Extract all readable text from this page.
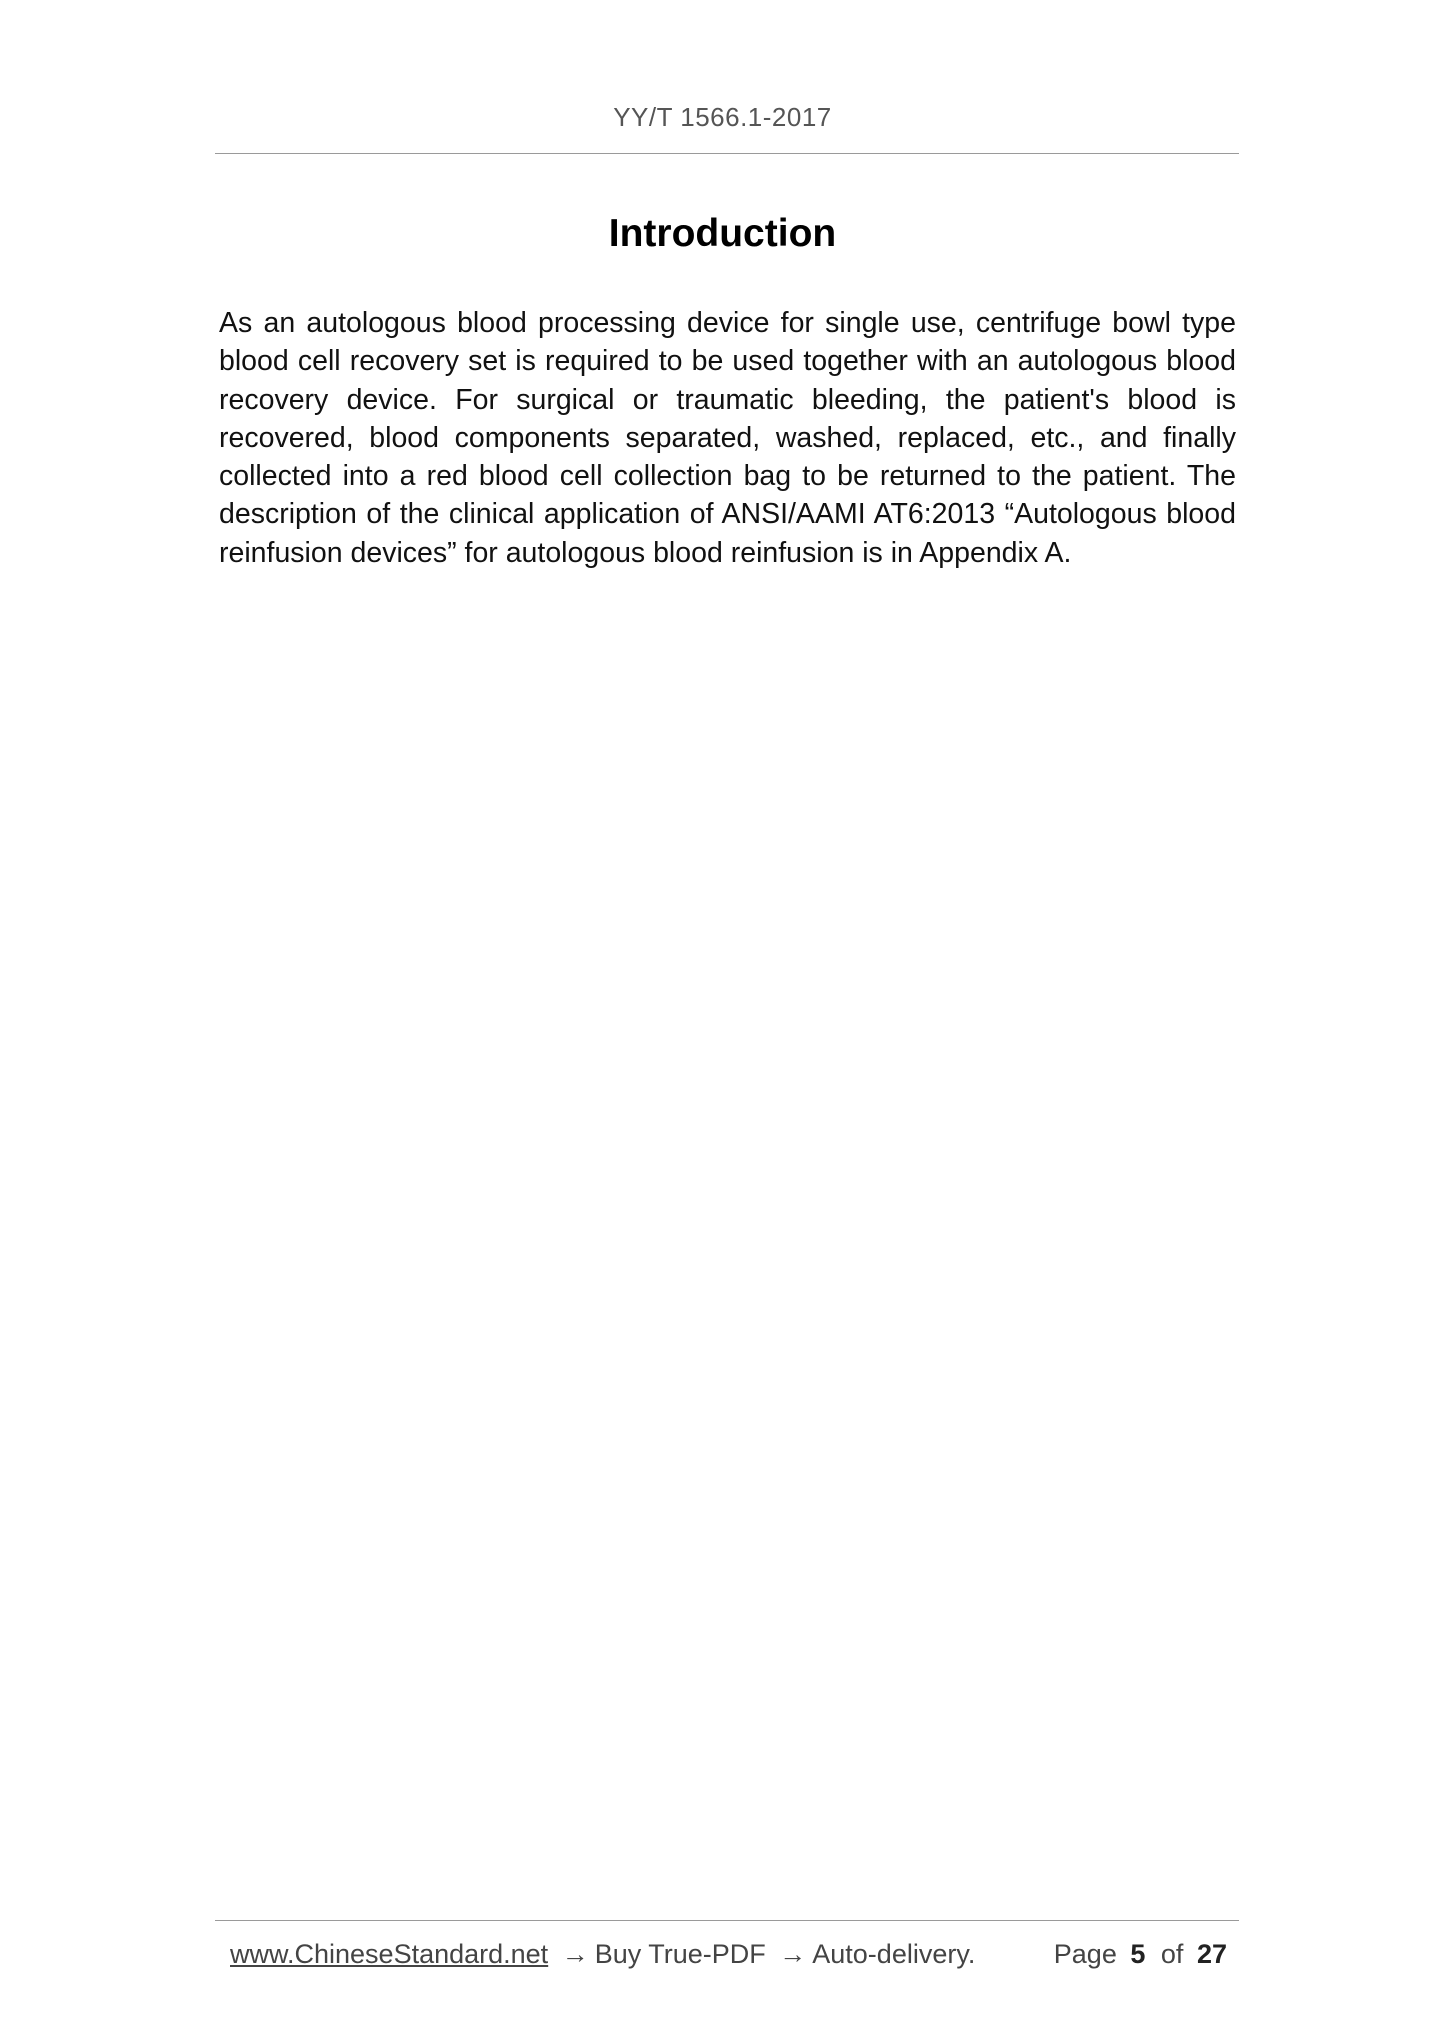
YY/T 1566.1-2017
Introduction

As an autologous blood processing device for single use, centrifuge bowl type blood cell recovery set is required to be used together with an autologous blood recovery device. For surgical or traumatic bleeding, the patient's blood is recovered, blood components separated, washed, replaced, etc., and finally collected into a red blood cell collection bag to be returned to the patient. The description of the clinical application of ANSI/AAMI AT6:2013 “Autologous blood reinfusion devices” for autologous blood reinfusion is in Appendix A.

www.ChineseStandard.net → Buy True-PDF → Auto-delivery.	Page 5 of 27
